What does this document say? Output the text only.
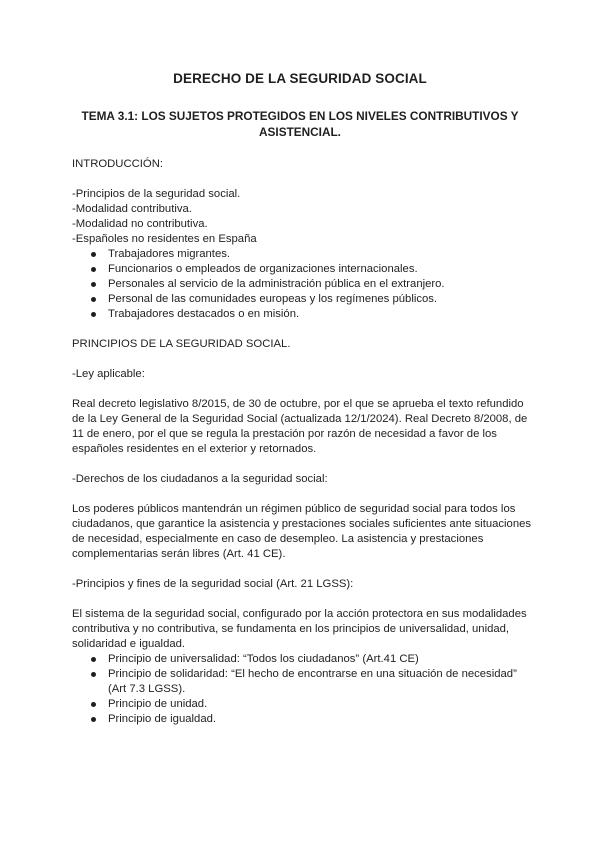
DERECHO DE LA SEGURIDAD SOCIAL
TEMA 3.1: LOS SUJETOS PROTEGIDOS EN LOS NIVELES CONTRIBUTIVOS Y ASISTENCIAL.

INTRODUCCIÓN:

-Principios de la seguridad social.

-Modalidad contributiva.

-Modalidad no contributiva.

-Españoles no residentes en España

Trabajadores migrantes.
Funcionarios o empleados de organizaciones internacionales.
Personales al servicio de la administración pública en el extranjero.
Personal de las comunidades europeas y los regímenes públicos.
Trabajadores destacados o en misión.

PRINCIPIOS DE LA SEGURIDAD SOCIAL.

-Ley aplicable:

Real decreto legislativo 8/2015, de 30 de octubre, por el que se aprueba el texto refundido de la Ley General de la Seguridad Social (actualizada 12/1/2024). Real Decreto 8/2008, de 11 de enero, por el que se regula la prestación por razón de necesidad a favor de los españoles residentes en el exterior y retornados.

-Derechos de los ciudadanos a la seguridad social:

Los poderes públicos mantendrán un régimen público de seguridad social para todos los ciudadanos, que garantice la asistencia y prestaciones sociales suficientes ante situaciones de necesidad, especialmente en caso de desempleo. La asistencia y prestaciones complementarias serán libres (Art. 41 CE).

-Principios y fines de la seguridad social (Art. 21 LGSS):

El sistema de la seguridad social, configurado por la acción protectora en sus modalidades contributiva y no contributiva, se fundamenta en los principios de universalidad, unidad, solidaridad e igualdad.

Principio de universalidad: “Todos los ciudadanos” (Art.41 CE)
Principio de solidaridad: “El hecho de encontrarse en una situación de necesidad” (Art 7.3 LGSS).
Principio de unidad.
Principio de igualdad.
